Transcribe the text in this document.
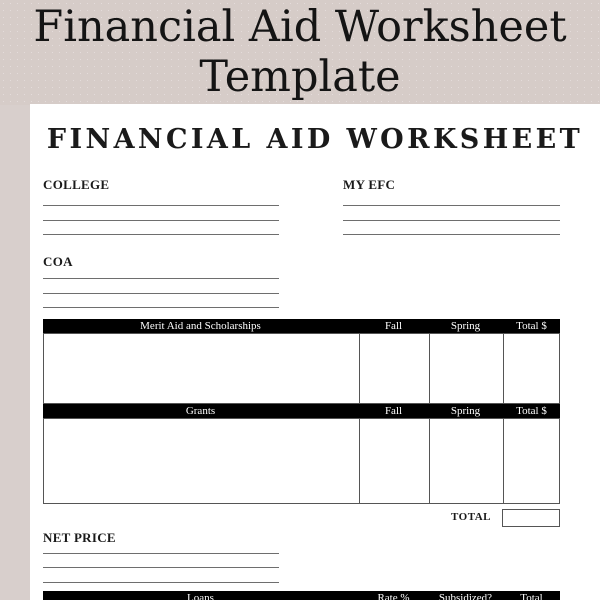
Financial Aid Worksheet
Template
FINANCIAL AID WORKSHEET
COLLEGE	MY EFC
COA
Merit Aid and Scholarships	Fall	Spring	Total $
Grants	Fall	Spring	Total $
TOTAL
NET PRICE
Loans	Rate %	Subsidized?	Total
